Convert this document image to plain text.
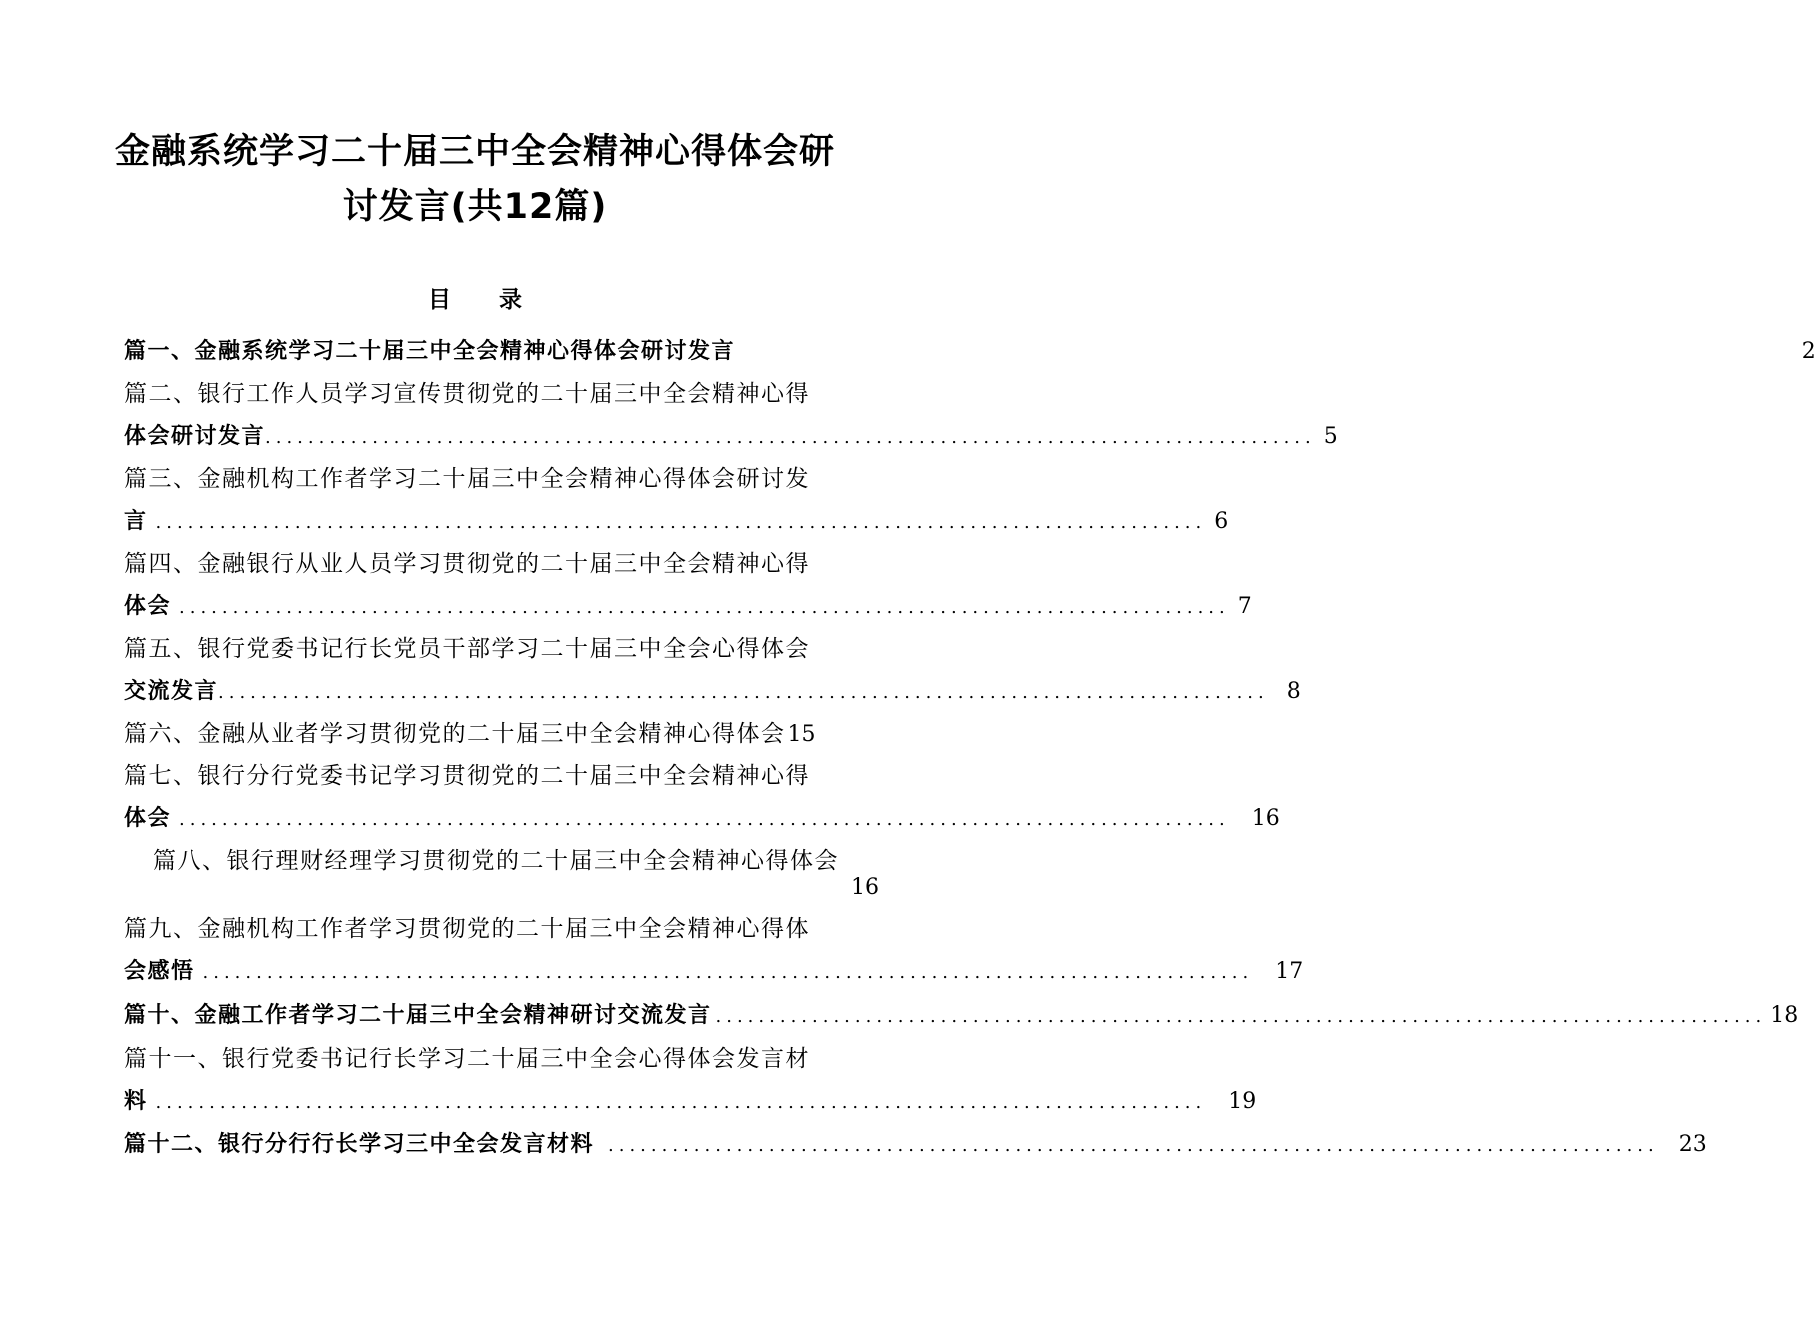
金融系统学习二十届三中全会精神心得体会研
讨发言(共12篇)
目 录
篇一、金融系统学习二十届三中全会精神心得体会研讨发言	2
篇二、银行工作人员学习宣传贯彻党的二十届三中全会精神心得
体会研讨发言 .................................................................................................. 5
篇三、金融机构工作者学习二十届三中全会精神心得体会研讨发
言 .................................................................................................. 6
篇四、金融银行从业人员学习贯彻党的二十届三中全会精神心得
体会 .................................................................................................. 7
篇五、银行党委书记行长党员干部学习二十届三中全会心得体会
交流发言 .................................................................................................. 8
篇六、金融从业者学习贯彻党的二十届三中全会精神心得体会 15
篇七、银行分行党委书记学习贯彻党的二十届三中全会精神心得
体会 .................................................................................................. 16
篇八、银行理财经理学习贯彻党的二十届三中全会精神心得体会
16
篇九、金融机构工作者学习贯彻党的二十届三中全会精神心得体
会感悟 .................................................................................................. 17
篇十、金融工作者学习二十届三中全会精神研讨交流发言 .................................................................................................. 18
篇十一、银行党委书记行长学习二十届三中全会心得体会发言材
料 .................................................................................................. 19
篇十二、银行分行行长学习三中全会发言材料 .................................................................................................. 23
